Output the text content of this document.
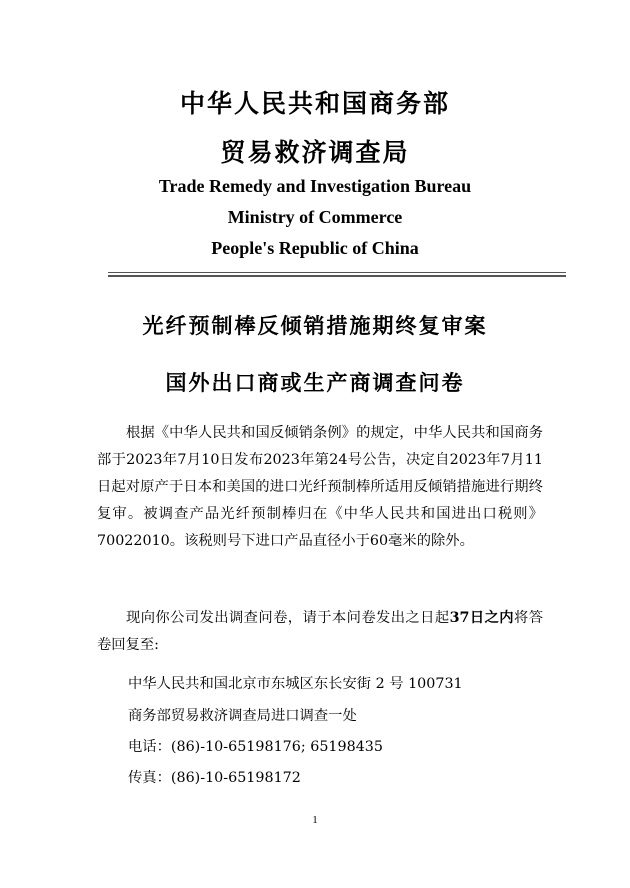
中华人民共和国商务部
贸易救济调查局
Trade Remedy and Investigation Bureau
Ministry of Commerce
People's Republic of China
光纤预制棒反倾销措施期终复审案
国外出口商或生产商调查问卷

根据《中华人民共和国反倾销条例》的规定，中华人民共和国商务部于2023年7月10日发布2023年第24号公告，决定自2023年7月11日起对原产于日本和美国的进口光纤预制棒所适用反倾销措施进行期终复审。被调查产品光纤预制棒归在《中华人民共和国进出口税则》70022010。该税则号下进口产品直径小于60毫米的除外。

现向你公司发出调查问卷，请于本问卷发出之日起37日之内将答卷回复至:

中华人民共和国北京市东城区东长安街 2 号 100731
商务部贸易救济调查局进口调查一处
电话：(86)-10-65198176; 65198435
传真：(86)-10-65198172
1
